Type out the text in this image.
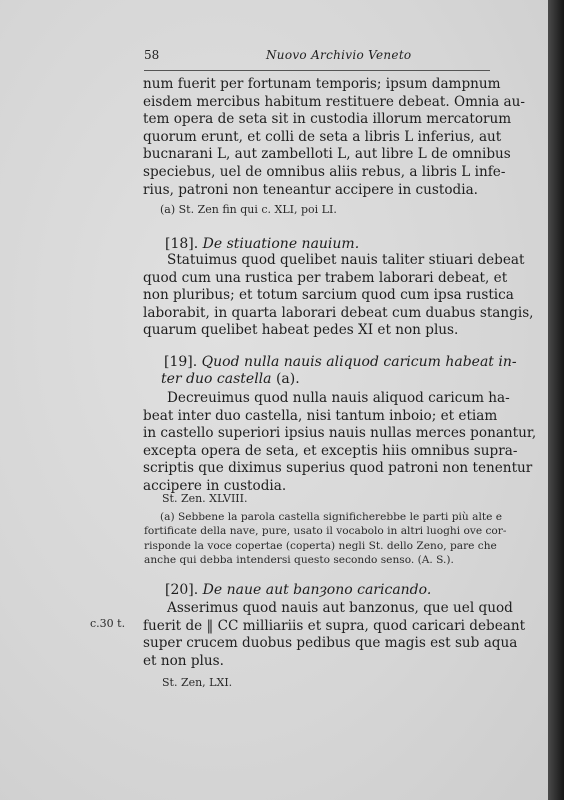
58	Nuovo Archivio Veneto

num fuerit per fortunam temporis; ipsum dampnum
eisdem mercibus habitum restituere debeat. Omnia au-
tem opera de seta sit in custodia illorum mercatorum
quorum erunt, et colli de seta a libris L inferius, aut
bucnarani L, aut zambelloti L, aut libre L de omnibus
speciebus, uel de omnibus aliis rebus, a libris L infe-
rius, patroni non teneantur accipere in custodia.

(a) St. Zen fin qui c. XLI, poi LI.

[18]. De stiuatione nauium.

Statuimus quod quelibet nauis taliter stiuari debeat
quod cum una rustica per trabem laborari debeat, et
non pluribus; et totum sarcium quod cum ipsa rustica
laborabit, in quarta laborari debeat cum duabus stangis,
quarum quelibet habeat pedes XI et non plus.

[19]. Quod nulla nauis aliquod caricum habeat in-
ter duo castella (a).

Decreuimus quod nulla nauis aliquod caricum ha-
beat inter duo castella, nisi tantum inboio; et etiam
in castello superiori ipsius nauis nullas merces ponantur,
excepta opera de seta, et exceptis hiis omnibus supra-
scriptis que diximus superius quod patroni non tenentur
accipere in custodia.

St. Zen. XLVIII.

(a) Sebbene la parola castella significherebbe le parti più alte e
fortificate della nave, pure, usato il vocabolo in altri luoghi ove cor-
risponde la voce copertae (coperta) negli St. dello Zeno, pare che
anche qui debba intendersi questo secondo senso. (A. S.).

[20]. De naue aut banȝono caricando.

c.30 t.

Asserimus quod nauis aut banzonus, que uel quod
fuerit de ‖ CC milliariis et supra, quod caricari debeant
super crucem duobus pedibus que magis est sub aqua
et non plus.

St. Zen, LXI.
